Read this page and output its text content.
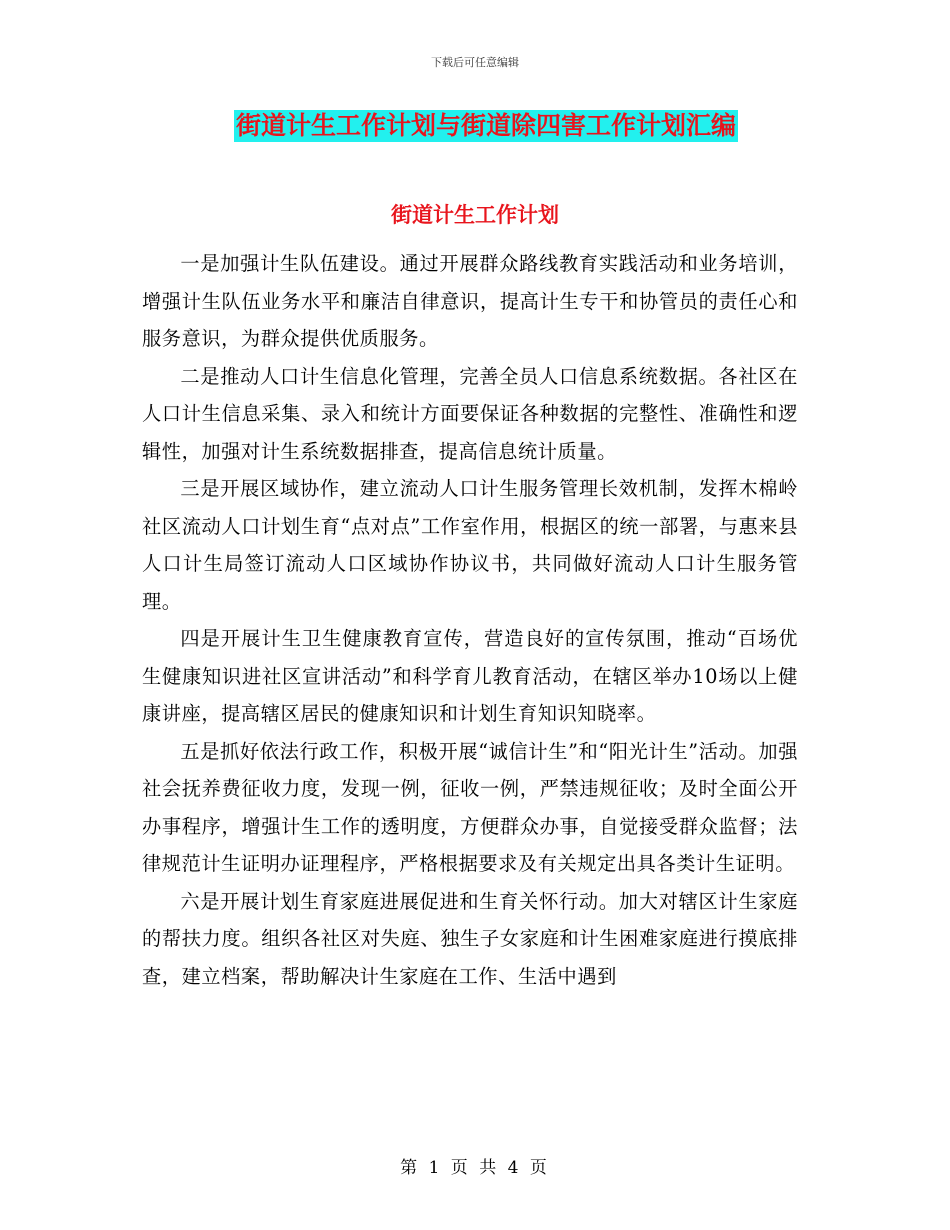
下载后可任意编辑
街道计生工作计划与街道除四害工作计划汇编
街道计生工作计划

一是加强计生队伍建设。通过开展群众路线教育实践活动和业务培训，增强计生队伍业务水平和廉洁自律意识，提高计生专干和协管员的责任心和服务意识，为群众提供优质服务。

二是推动人口计生信息化管理，完善全员人口信息系统数据。各社区在人口计生信息采集、录入和统计方面要保证各种数据的完整性、准确性和逻辑性，加强对计生系统数据排查，提高信息统计质量。

三是开展区域协作，建立流动人口计生服务管理长效机制，发挥木棉岭社区流动人口计划生育“点对点”工作室作用，根据区的统一部署，与惠来县人口计生局签订流动人口区域协作协议书，共同做好流动人口计生服务管理。

四是开展计生卫生健康教育宣传，营造良好的宣传氛围，推动“百场优生健康知识进社区宣讲活动”和科学育儿教育活动，在辖区举办10场以上健康讲座，提高辖区居民的健康知识和计划生育知识知晓率。

五是抓好依法行政工作，积极开展“诚信计生”和“阳光计生”活动。加强社会抚养费征收力度，发现一例，征收一例，严禁违规征收；及时全面公开办事程序，增强计生工作的透明度，方便群众办事，自觉接受群众监督；法律规范计生证明办证理程序，严格根据要求及有关规定出具各类计生证明。

六是开展计划生育家庭进展促进和生育关怀行动。加大对辖区计生家庭的帮扶力度。组织各社区对失庭、独生子女家庭和计生困难家庭进行摸底排查，建立档案，帮助解决计生家庭在工作、生活中遇到

第 1 页 共 4 页
